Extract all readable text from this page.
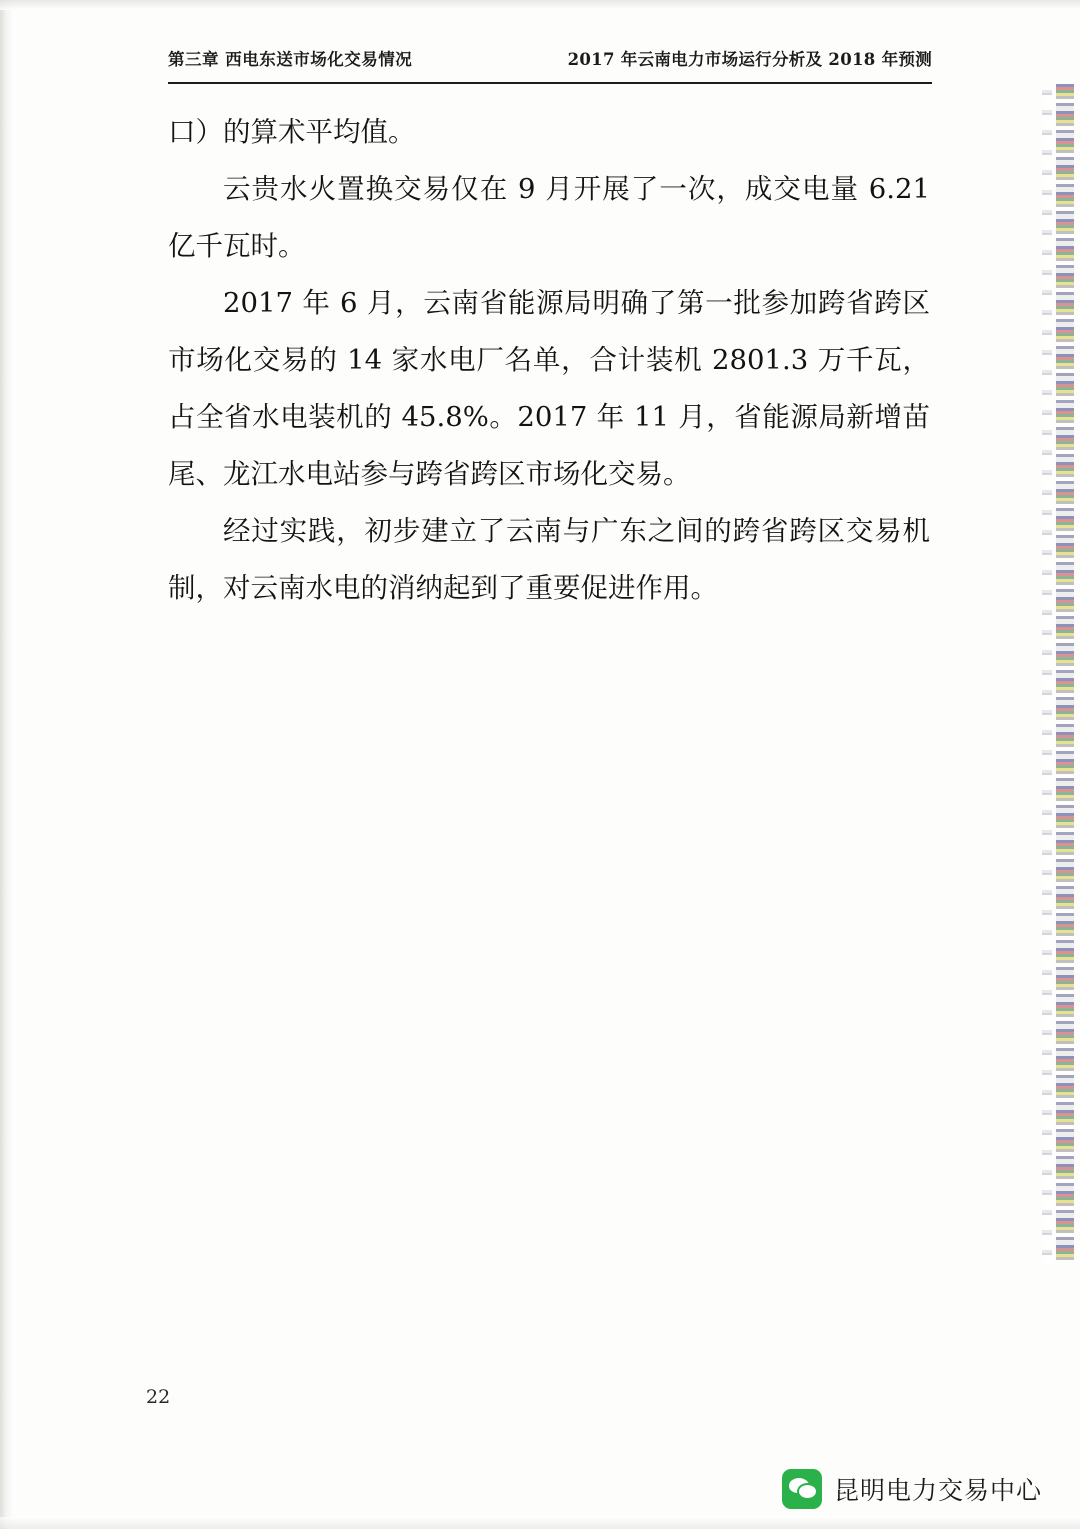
第三章 西电东送市场化交易情况	2017 年云南电力市场运行分析及 2018 年预测

口）的算术平均值。

云贵水火置换交易仅在 9 月开展了一次，成交电量 6.21 亿千瓦时。

2017 年 6 月，云南省能源局明确了第一批参加跨省跨区市场化交易的 14 家水电厂名单，合计装机 2801.3 万千瓦，占全省水电装机的 45.8%。2017 年 11 月，省能源局新增苗尾、龙江水电站参与跨省跨区市场化交易。

经过实践，初步建立了云南与广东之间的跨省跨区交易机制，对云南水电的消纳起到了重要促进作用。

22
昆明电力交易中心
